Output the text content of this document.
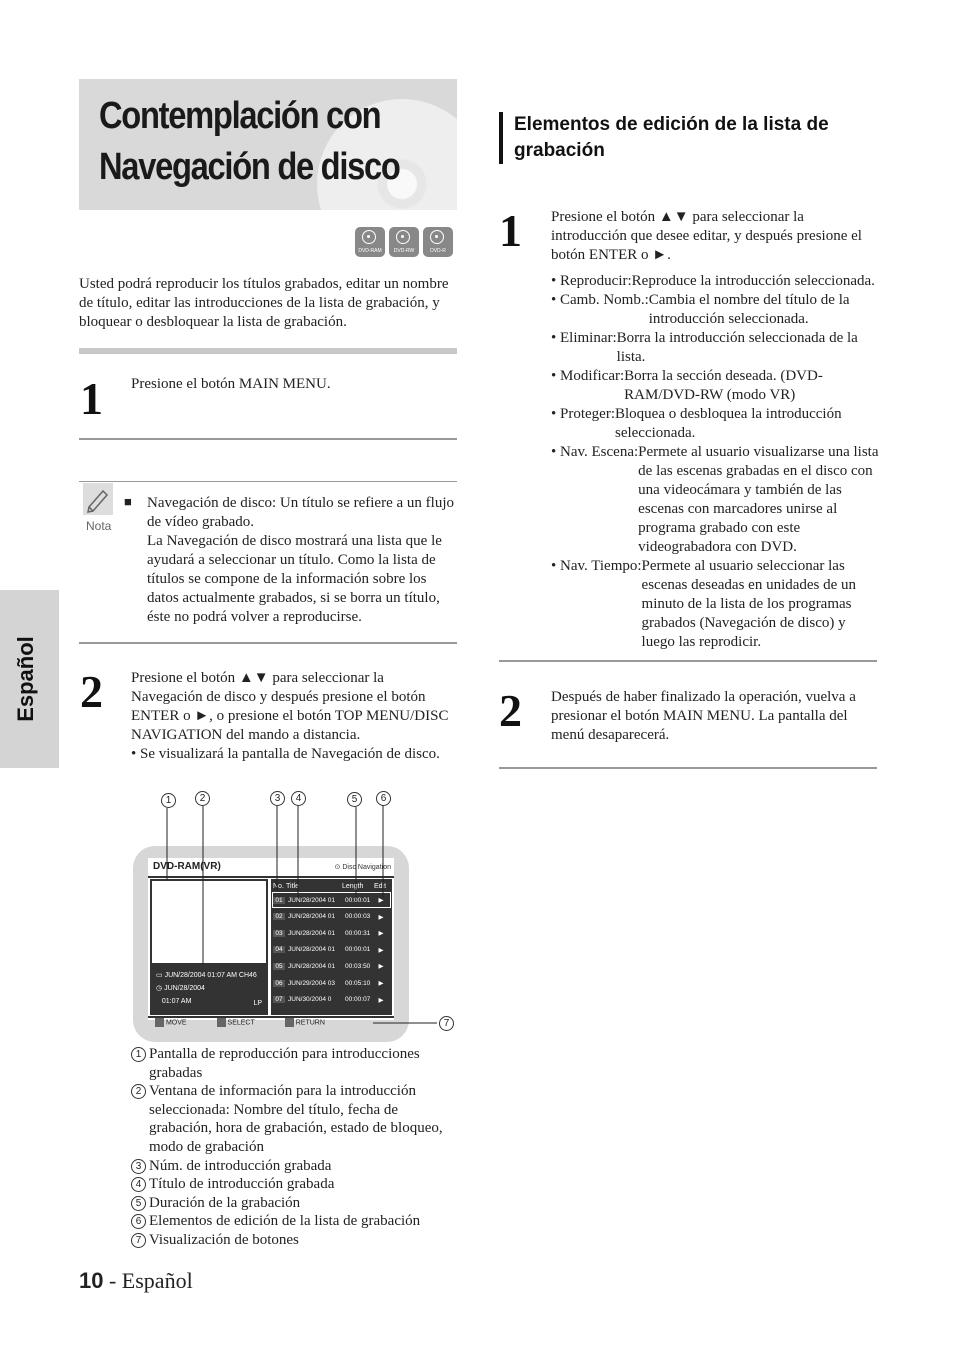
Contemplación con
Navegación de disco
DVD-RAM	DVD-RW	DVD-R
Usted podrá reproducir los títulos grabados, editar un nombre de título, editar las introducciones de la lista de grabación, y bloquear o desbloquear la lista de grabación.
1 Presione el botón MAIN MENU.
Nota
■ Navegación de disco: Un título se refiere a un flujo de vídeo grabado.
La Navegación de disco mostrará una lista que le ayudará a seleccionar un título. Como la lista de títulos se compone de la información sobre los datos actualmente grabados, si se borra un título, éste no podrá volver a reproducirse.
2 Presione el botón ▲▼ para seleccionar la Navegación de disco y después presione el botón ENTER o ►, o presione el botón TOP MENU/DISC NAVIGATION del mando a distancia.
• Se visualizará la pantalla de Navegación de disco.
1	2	3	4	5	6
7
DVD-RAM(VR)	⊙ Disc Navigation
▭ JUN/28/2004 01:07 AM CH46
◷ JUN/28/2004
01:07 AM	LP
No. Title	Length	Edit
01 JUN/28/2004 01	00:00:01	▶
02 JUN/28/2004 01	00:00:03	▶
03 JUN/28/2004 01	00:00:31	▶
04 JUN/28/2004 01	00:00:01	▶
05 JUN/28/2004 01	00:03:50	▶
06 JUN/29/2004 03	00:05:10	▶
07 JUN/30/2004 0	00:00:07	▶
MOVE	SELECT	RETURN
1 Pantalla de reproducción para introducciones grabadas
2 Ventana de información para la introducción seleccionada: Nombre del título, fecha de grabación, hora de grabación, estado de bloqueo, modo de grabación
3 Núm. de introducción grabada
4 Título de introducción grabada
5 Duración de la grabación
6 Elementos de edición de la lista de grabación
7 Visualización de botones
Español
10 - Español
Elementos de edición de la lista de grabación
1 Presione el botón ▲▼ para seleccionar la introducción que desee editar, y después presione el botón ENTER o ►.
• Reproducir: Reproduce la introducción seleccionada.
• Camb. Nomb.: Cambia el nombre del título de la introducción seleccionada.
• Eliminar: Borra la introducción seleccionada de la lista.
• Modificar: Borra la sección deseada. (DVD-RAM/DVD-RW (modo VR)
• Proteger: Bloquea o desbloquea la introducción seleccionada.
• Nav. Escena: Permete al usuario visualizarse una lista de las escenas grabadas en el disco con una videocámara y también de las escenas con marcadores unirse al programa grabado con este videograbadora con DVD.
• Nav. Tiempo: Permete al usuario seleccionar las escenas deseadas en unidades de un minuto de la lista de los programas grabados (Navegación de disco) y luego las reprodicir.
2 Después de haber finalizado la operación, vuelva a presionar el botón MAIN MENU. La pantalla del menú desaparecerá.
